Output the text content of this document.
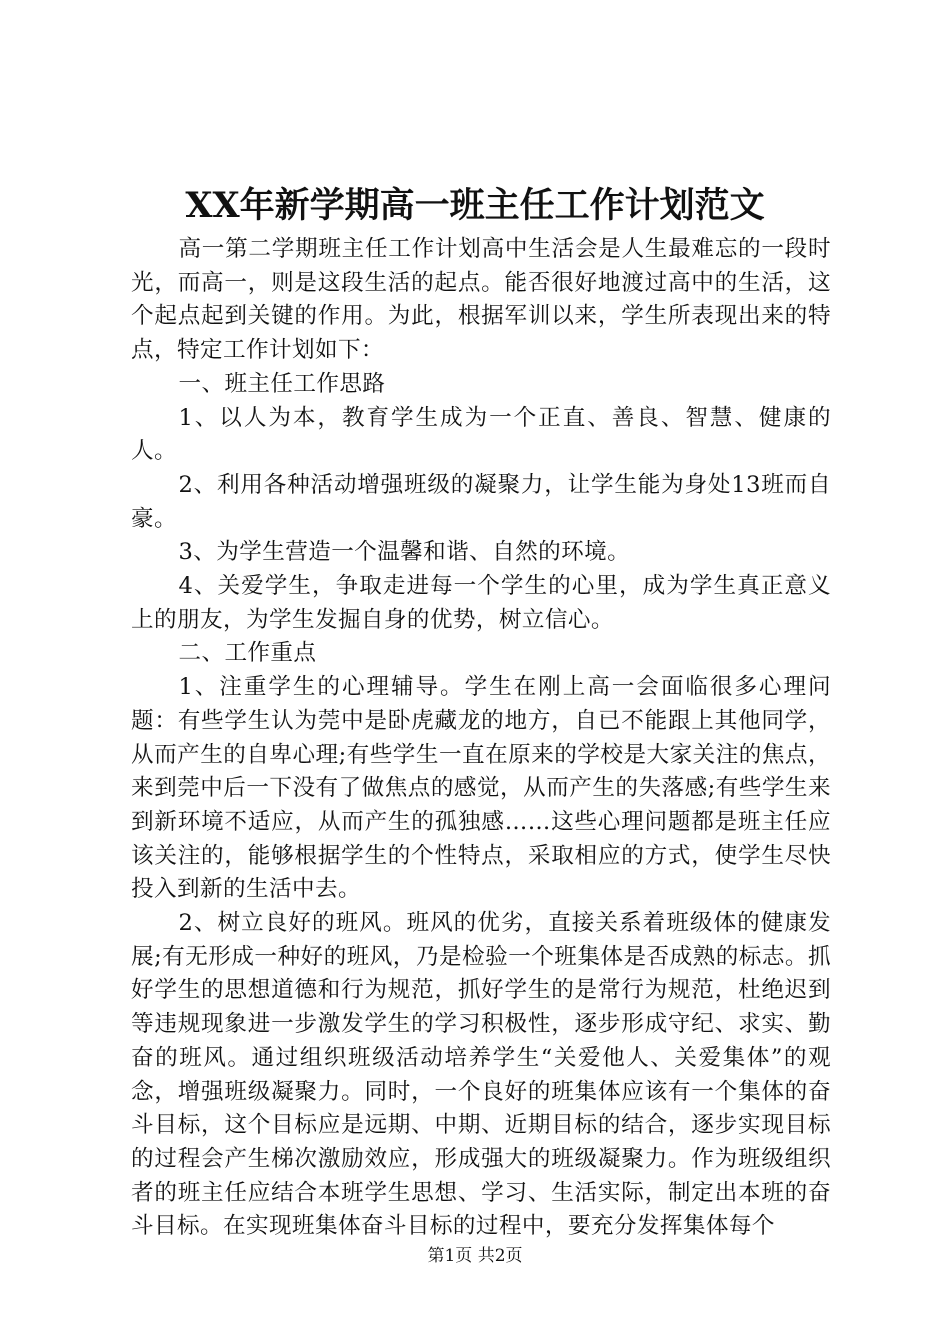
XX年新学期高一班主任工作计划范文

高一第二学期班主任工作计划高中生活会是人生最难忘的一段时光，而高一，则是这段生活的起点。能否很好地渡过高中的生活，这个起点起到关键的作用。为此，根据军训以来，学生所表现出来的特点，特定工作计划如下：

一、班主任工作思路

1、以人为本，教育学生成为一个正直、善良、智慧、健康的人。

2、利用各种活动增强班级的凝聚力，让学生能为身处13班而自豪。

3、为学生营造一个温馨和谐、自然的环境。

4、关爱学生，争取走进每一个学生的心里，成为学生真正意义上的朋友，为学生发掘自身的优势，树立信心。

二、工作重点

1、注重学生的心理辅导。学生在刚上高一会面临很多心理问题：有些学生认为莞中是卧虎藏龙的地方，自已不能跟上其他同学，从而产生的自卑心理;有些学生一直在原来的学校是大家关注的焦点，来到莞中后一下没有了做焦点的感觉，从而产生的失落感;有些学生来到新环境不适应，从而产生的孤独感……这些心理问题都是班主任应该关注的，能够根据学生的个性特点，采取相应的方式，使学生尽快投入到新的生活中去。

2、树立良好的班风。班风的优劣，直接关系着班级体的健康发展;有无形成一种好的班风，乃是检验一个班集体是否成熟的标志。抓好学生的思想道德和行为规范，抓好学生的是常行为规范，杜绝迟到等违规现象进一步激发学生的学习积极性，逐步形成守纪、求实、勤奋的班风。通过组织班级活动培养学生“关爱他人、关爱集体”的观念，增强班级凝聚力。同时，一个良好的班集体应该有一个集体的奋斗目标，这个目标应是远期、中期、近期目标的结合，逐步实现目标的过程会产生梯次激励效应，形成强大的班级凝聚力。作为班级组织者的班主任应结合本班学生思想、学习、生活实际，制定出本班的奋斗目标。在实现班集体奋斗目标的过程中，要充分发挥集体每个

第1页 共2页
